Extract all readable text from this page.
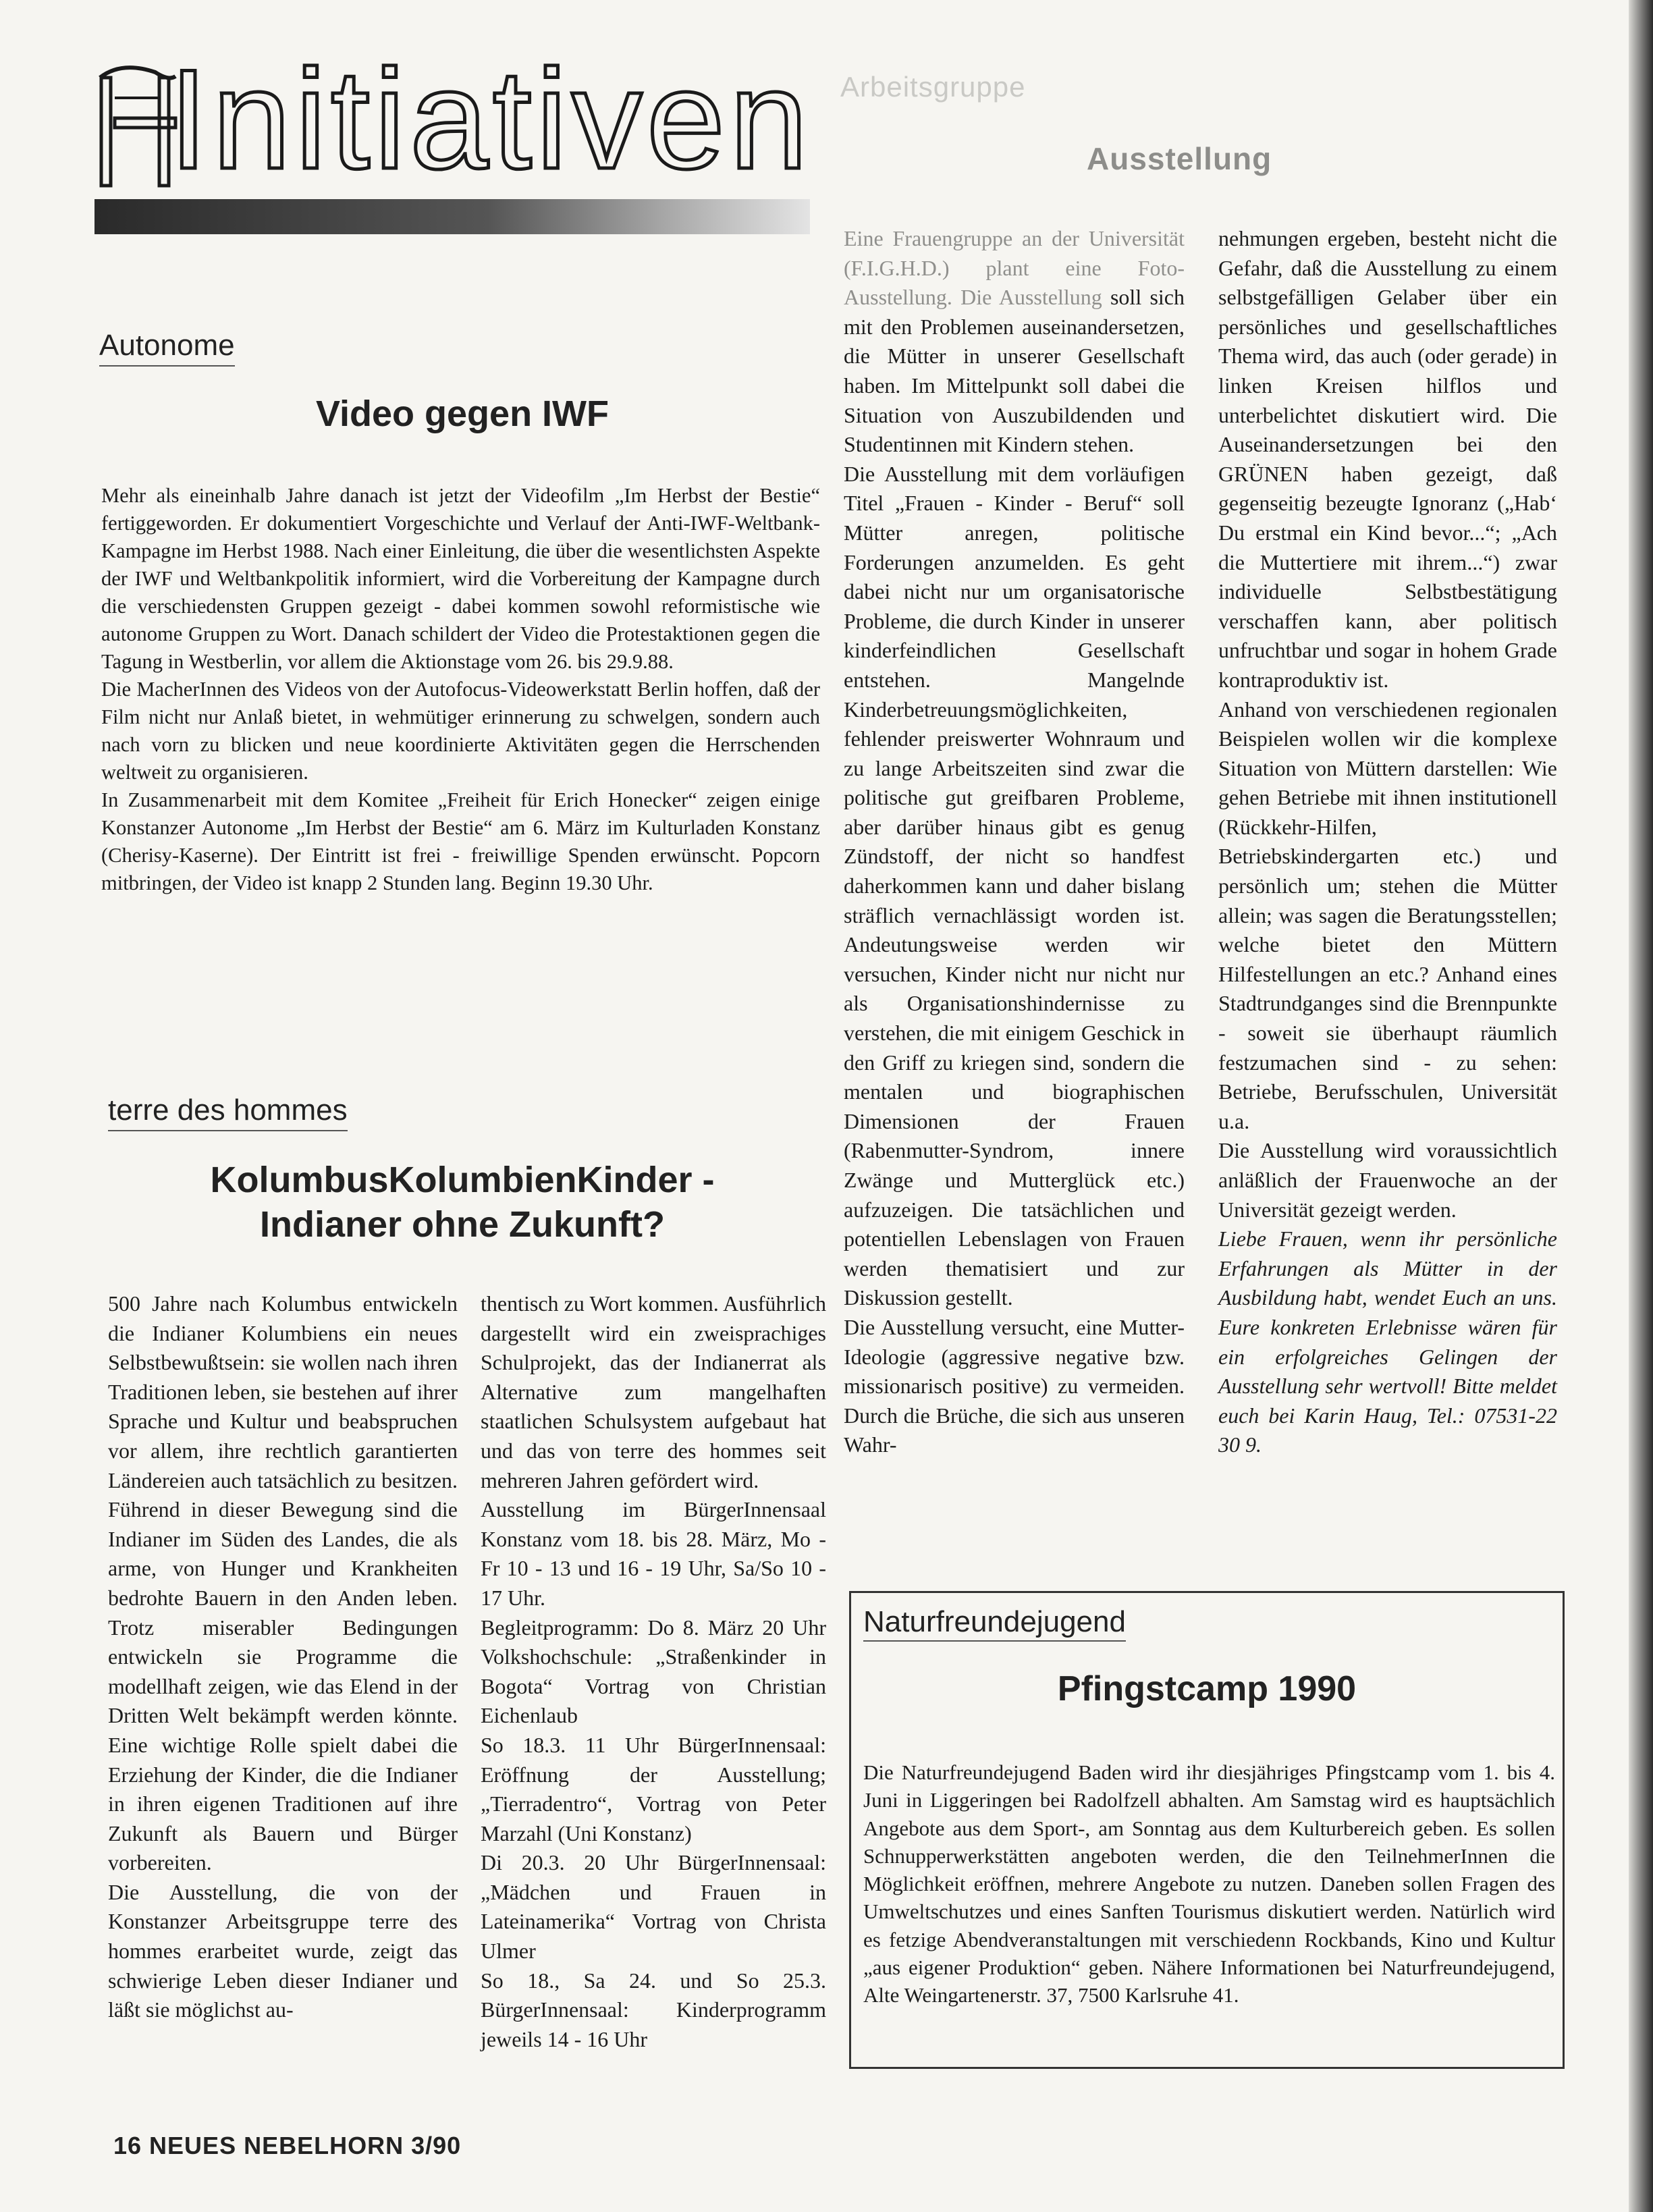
Initiativen Arbeitsgruppe
Ausstellung
Autonome
Video gegen IWF

Mehr als eineinhalb Jahre danach ist jetzt der Videofilm „Im Herbst der Bestie“ fertiggeworden. Er dokumentiert Vorgeschichte und Verlauf der Anti-IWF-Weltbank-Kampagne im Herbst 1988. Nach einer Einleitung, die über die wesentlichsten Aspekte der IWF und Weltbankpolitik informiert, wird die Vorbereitung der Kampagne durch die verschiedensten Gruppen gezeigt - dabei kommen sowohl reformistische wie autonome Gruppen zu Wort. Danach schildert der Video die Protestaktionen gegen die Tagung in Westberlin, vor allem die Aktionstage vom 26. bis 29.9.88.

Die MacherInnen des Videos von der Autofocus-Videowerkstatt Berlin hoffen, daß der Film nicht nur Anlaß bietet, in wehmütiger erinnerung zu schwelgen, sondern auch nach vorn zu blicken und neue koordinierte Aktivitäten gegen die Herrschenden weltweit zu organisieren.

In Zusammenarbeit mit dem Komitee „Freiheit für Erich Honecker“ zeigen einige Konstanzer Autonome „Im Herbst der Bestie“ am 6. März im Kulturladen Konstanz (Cherisy-Kaserne). Der Eintritt ist frei - freiwillige Spenden erwünscht. Popcorn mitbringen, der Video ist knapp 2 Stunden lang. Beginn 19.30 Uhr.

terre des hommes
KolumbusKolumbienKinder -
Indianer ohne Zukunft?

500 Jahre nach Kolumbus entwickeln die Indianer Kolumbiens ein neues Selbstbewußtsein: sie wollen nach ihren Traditionen leben, sie bestehen auf ihrer Sprache und Kultur und beabspruchen vor allem, ihre rechtlich garantierten Ländereien auch tatsächlich zu besitzen. Führend in dieser Bewegung sind die Indianer im Süden des Landes, die als arme, von Hunger und Krankheiten bedrohte Bauern in den Anden leben. Trotz miserabler Bedingungen entwickeln sie Programme die modellhaft zeigen, wie das Elend in der Dritten Welt bekämpft werden könnte. Eine wichtige Rolle spielt dabei die Erziehung der Kinder, die die Indianer in ihren eigenen Traditionen auf ihre Zukunft als Bauern und Bürger vorbereiten.

Die Ausstellung, die von der Konstanzer Arbeitsgruppe terre des hommes erarbeitet wurde, zeigt das schwierige Leben dieser Indianer und läßt sie möglichst au-

thentisch zu Wort kommen. Ausführlich dargestellt wird ein zweisprachiges Schulprojekt, das der Indianerrat als Alternative zum mangelhaften staatlichen Schulsystem aufgebaut hat und das von terre des hommes seit mehreren Jahren gefördert wird.

Ausstellung im BürgerInnensaal Konstanz vom 18. bis 28. März, Mo - Fr 10 - 13 und 16 - 19 Uhr, Sa/So 10 - 17 Uhr.

Begleitprogramm: Do 8. März 20 Uhr Volkshochschule: „Straßenkinder in Bogota“ Vortrag von Christian Eichenlaub

So 18.3. 11 Uhr BürgerInnensaal: Eröffnung der Ausstellung; „Tierradentro“, Vortrag von Peter Marzahl (Uni Konstanz)

Di 20.3. 20 Uhr BürgerInnensaal: „Mädchen und Frauen in Lateinamerika“ Vortrag von Christa Ulmer

So 18., Sa 24. und So 25.3. BürgerInnensaal: Kinderprogramm jeweils 14 - 16 Uhr

Eine Frauengruppe an der Universität (F.I.G.H.D.) plant eine Foto-Ausstellung. Die Ausstellung soll sich mit den Problemen auseinandersetzen, die Mütter in unserer Gesellschaft haben. Im Mittelpunkt soll dabei die Situation von Auszubildenden und Studentinnen mit Kindern stehen.

Die Ausstellung mit dem vorläufigen Titel „Frauen - Kinder - Beruf“ soll Mütter anregen, politische Forderungen anzumelden. Es geht dabei nicht nur um organisatorische Probleme, die durch Kinder in unserer kinderfeindlichen Gesellschaft entstehen. Mangelnde Kinderbetreuungsmöglichkeiten, fehlender preiswerter Wohnraum und zu lange Arbeitszeiten sind zwar die politische gut greifbaren Probleme, aber darüber hinaus gibt es genug Zündstoff, der nicht so handfest daherkommen kann und daher bislang sträflich vernachlässigt worden ist. Andeutungsweise werden wir versuchen, Kinder nicht nur nicht nur als Organisationshindernisse zu verstehen, die mit einigem Geschick in den Griff zu kriegen sind, sondern die mentalen und biographischen Dimensionen der Frauen (Rabenmutter-Syndrom, innere Zwänge und Mutterglück etc.) aufzuzeigen. Die tatsächlichen und potentiellen Lebenslagen von Frauen werden thematisiert und zur Diskussion gestellt.

Die Ausstellung versucht, eine Mutter-Ideologie (aggressive negative bzw. missionarisch positive) zu vermeiden. Durch die Brüche, die sich aus unseren Wahr-

nehmungen ergeben, besteht nicht die Gefahr, daß die Ausstellung zu einem selbstgefälligen Gelaber über ein persönliches und gesellschaftliches Thema wird, das auch (oder gerade) in linken Kreisen hilflos und unterbelichtet diskutiert wird. Die Auseinandersetzungen bei den GRÜNEN haben gezeigt, daß gegenseitig bezeugte Ignoranz („Hab‘ Du erstmal ein Kind bevor...“; „Ach die Muttertiere mit ihrem...“) zwar individuelle Selbstbestätigung verschaffen kann, aber politisch unfruchtbar und sogar in hohem Grade kontraproduktiv ist.

Anhand von verschiedenen regionalen Beispielen wollen wir die komplexe Situation von Müttern darstellen: Wie gehen Betriebe mit ihnen institutionell (Rückkehr-Hilfen, Betriebskindergarten etc.) und persönlich um; stehen die Mütter allein; was sagen die Beratungsstellen; welche bietet den Müttern Hilfestellungen an etc.? Anhand eines Stadtrundganges sind die Brennpunkte - soweit sie überhaupt räumlich festzumachen sind - zu sehen: Betriebe, Berufsschulen, Universität u.a.

Die Ausstellung wird voraussichtlich anläßlich der Frauenwoche an der Universität gezeigt werden.

Liebe Frauen, wenn ihr persönliche Erfahrungen als Mütter in der Ausbildung habt, wendet Euch an uns. Eure konkreten Erlebnisse wären für ein erfolgreiches Gelingen der Ausstellung sehr wertvoll! Bitte meldet euch bei Karin Haug, Tel.: 07531-22 30 9.

Naturfreundejugend
Pfingstcamp 1990

Die Naturfreundejugend Baden wird ihr diesjähriges Pfingstcamp vom 1. bis 4. Juni in Liggeringen bei Radolfzell abhalten. Am Samstag wird es hauptsächlich Angebote aus dem Sport-, am Sonntag aus dem Kulturbereich geben. Es sollen Schnupperwerkstätten angeboten werden, die den TeilnehmerInnen die Möglichkeit eröffnen, mehrere Angebote zu nutzen. Daneben sollen Fragen des Umweltschutzes und eines Sanften Tourismus diskutiert werden. Natürlich wird es fetzige Abendveranstaltungen mit verschiedenn Rockbands, Kino und Kultur „aus eigener Produktion“ geben. Nähere Informationen bei Naturfreundejugend, Alte Weingartenerstr. 37, 7500 Karlsruhe 41.

16 NEUES NEBELHORN 3/90
